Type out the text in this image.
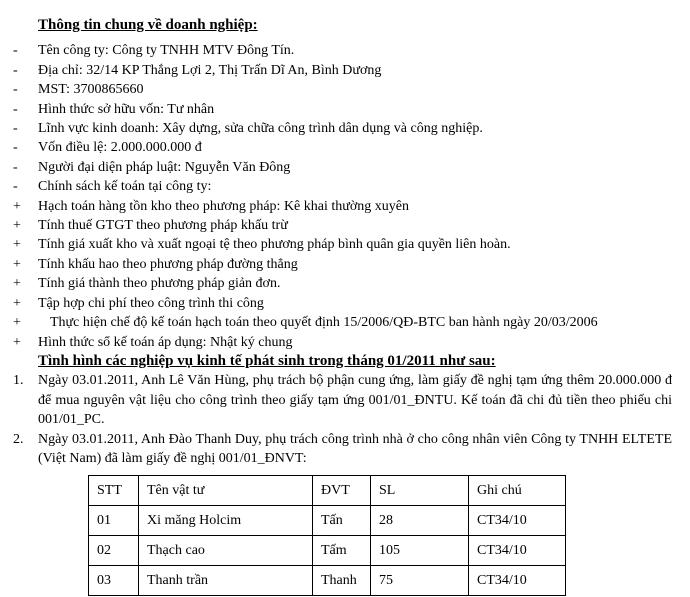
Thông tin chung về doanh nghiệp:
-	Tên công ty: Công ty TNHH MTV Đông Tín.
-	Địa chỉ: 32/14 KP Thắng Lợi 2, Thị Trấn Dĩ An, Bình Dương
-	MST: 3700865660
-	Hình thức sở hữu vốn: Tư nhân
-	Lĩnh vực kinh doanh: Xây dựng, sửa chữa công trình dân dụng và công nghiệp.
-	Vốn điều lệ: 2.000.000.000 đ
-	Người đại diện pháp luật: Nguyễn Văn Đông
-	Chính sách kế toán tại công ty:
+	Hạch toán hàng tồn kho theo phương pháp: Kê khai thường xuyên
+	Tính thuế GTGT theo phương pháp khấu trừ
+	Tính giá xuất kho và xuất ngoại tệ theo phương pháp bình quân gia quyền liên hoàn.
+	Tính khấu hao theo phương pháp đường thẳng
+	Tính giá thành theo phương pháp giản đơn.
+	Tập hợp chi phí theo công trình thi công
+	Thực hiện chế độ kế toán hạch toán theo quyết định 15/2006/QĐ-BTC ban hành ngày 20/03/2006
+	Hình thức sổ kế toán áp dụng: Nhật ký chung
Tình hình các nghiệp vụ kinh tế phát sinh trong tháng 01/2011 như sau:
1.	Ngày 03.01.2011, Anh Lê Văn Hùng, phụ trách bộ phận cung ứng, làm giấy đề nghị tạm ứng thêm 20.000.000 đ để mua nguyên vật liệu cho công trình theo giấy tạm ứng 001/01_ĐNTU. Kế toán đã chi đủ tiền theo phiếu chi 001/01_PC.
2.	Ngày 03.01.2011, Anh Đào Thanh Duy, phụ trách công trình nhà ở cho công nhân viên Công ty TNHH ELTETE (Việt Nam) đã làm giấy đề nghị 001/01_ĐNVT:
STT	Tên vật tư	ĐVT	SL	Ghi chú
01	Xi măng Holcim	Tấn	28	CT34/10
02	Thạch cao	Tấm	105	CT34/10
03	Thanh trần	Thanh	75	CT34/10
